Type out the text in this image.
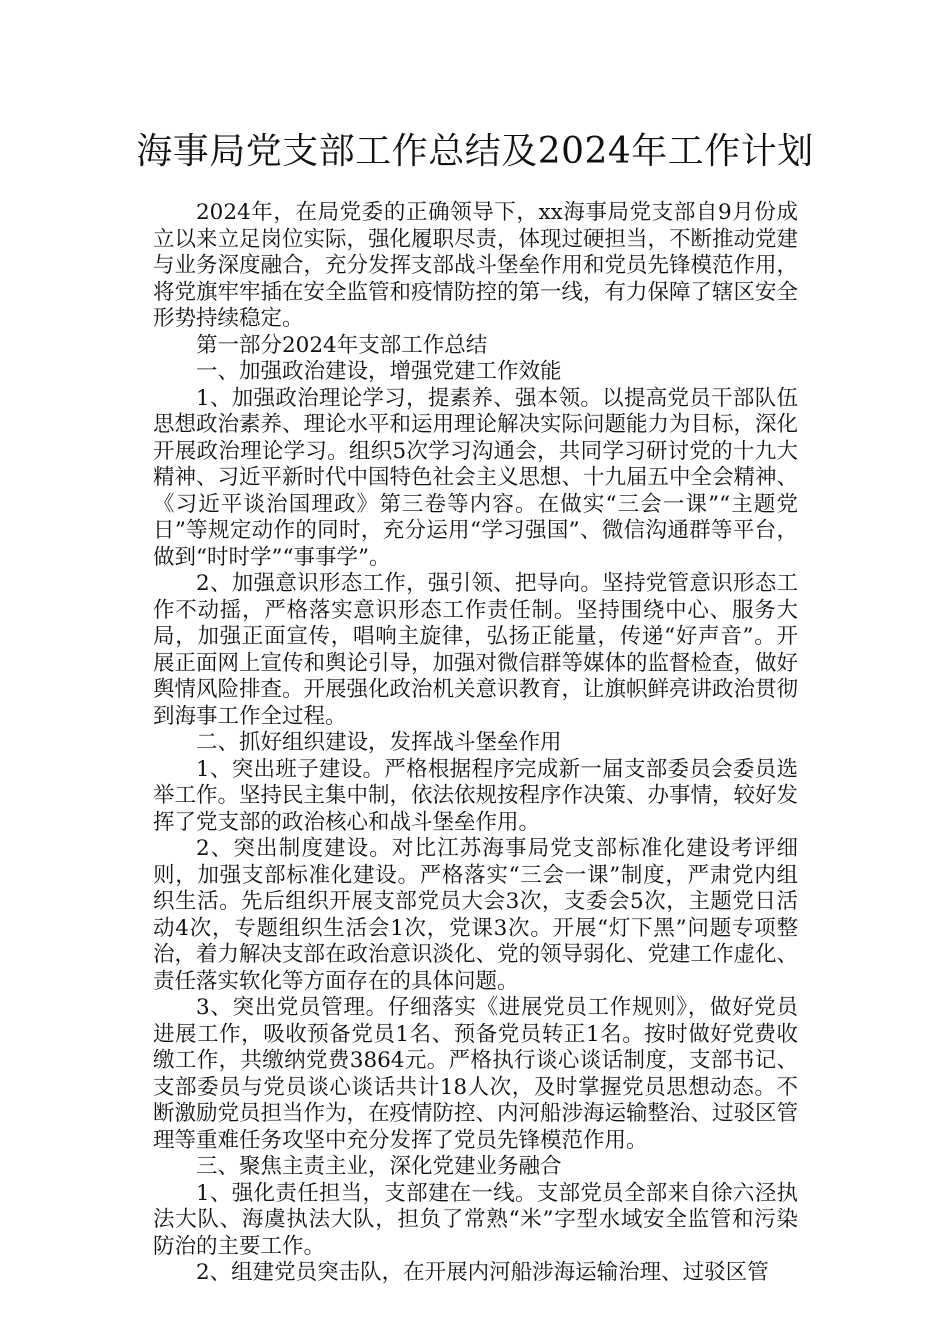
海事局党支部工作总结及2024年工作计划

2024年，在局党委的正确领导下，xx海事局党支部自9月份成立以来立足岗位实际，强化履职尽责，体现过硬担当，不断推动党建与业务深度融合，充分发挥支部战斗堡垒作用和党员先锋模范作用，将党旗牢牢插在安全监管和疫情防控的第一线，有力保障了辖区安全形势持续稳定。

第一部分2024年支部工作总结

一、加强政治建设，增强党建工作效能

1、加强政治理论学习，提素养、强本领。以提高党员干部队伍思想政治素养、理论水平和运用理论解决实际问题能力为目标，深化开展政治理论学习。组织5次学习沟通会，共同学习研讨党的十九大精神、习近平新时代中国特色社会主义思想、十九届五中全会精神、《习近平谈治国理政》第三卷等内容。在做实“三会一课”“主题党日”等规定动作的同时，充分运用“学习强国”、微信沟通群等平台，做到“时时学”“事事学”。

2、加强意识形态工作，强引领、把导向。坚持党管意识形态工作不动摇，严格落实意识形态工作责任制。坚持围绕中心、服务大局，加强正面宣传，唱响主旋律，弘扬正能量，传递“好声音”。开展正面网上宣传和舆论引导，加强对微信群等媒体的监督检查，做好舆情风险排查。开展强化政治机关意识教育，让旗帜鲜亮讲政治贯彻到海事工作全过程。

二、抓好组织建设，发挥战斗堡垒作用

1、突出班子建设。严格根据程序完成新一届支部委员会委员选举工作。坚持民主集中制，依法依规按程序作决策、办事情，较好发挥了党支部的政治核心和战斗堡垒作用。

2、突出制度建设。对比江苏海事局党支部标准化建设考评细则，加强支部标准化建设。严格落实“三会一课”制度，严肃党内组织生活。先后组织开展支部党员大会3次，支委会5次，主题党日活动4次，专题组织生活会1次，党课3次。开展“灯下黑”问题专项整治，着力解决支部在政治意识淡化、党的领导弱化、党建工作虚化、责任落实软化等方面存在的具体问题。

3、突出党员管理。仔细落实《进展党员工作规则》，做好党员进展工作，吸收预备党员1名、预备党员转正1名。按时做好党费收缴工作，共缴纳党费3864元。严格执行谈心谈话制度，支部书记、支部委员与党员谈心谈话共计18人次，及时掌握党员思想动态。不断激励党员担当作为，在疫情防控、内河船涉海运输整治、过驳区管理等重难任务攻坚中充分发挥了党员先锋模范作用。

三、聚焦主责主业，深化党建业务融合

1、强化责任担当，支部建在一线。支部党员全部来自徐六泾执法大队、海虞执法大队，担负了常熟“米”字型水域安全监管和污染防治的主要工作。

2、组建党员突击队，在开展内河船涉海运输治理、过驳区管
